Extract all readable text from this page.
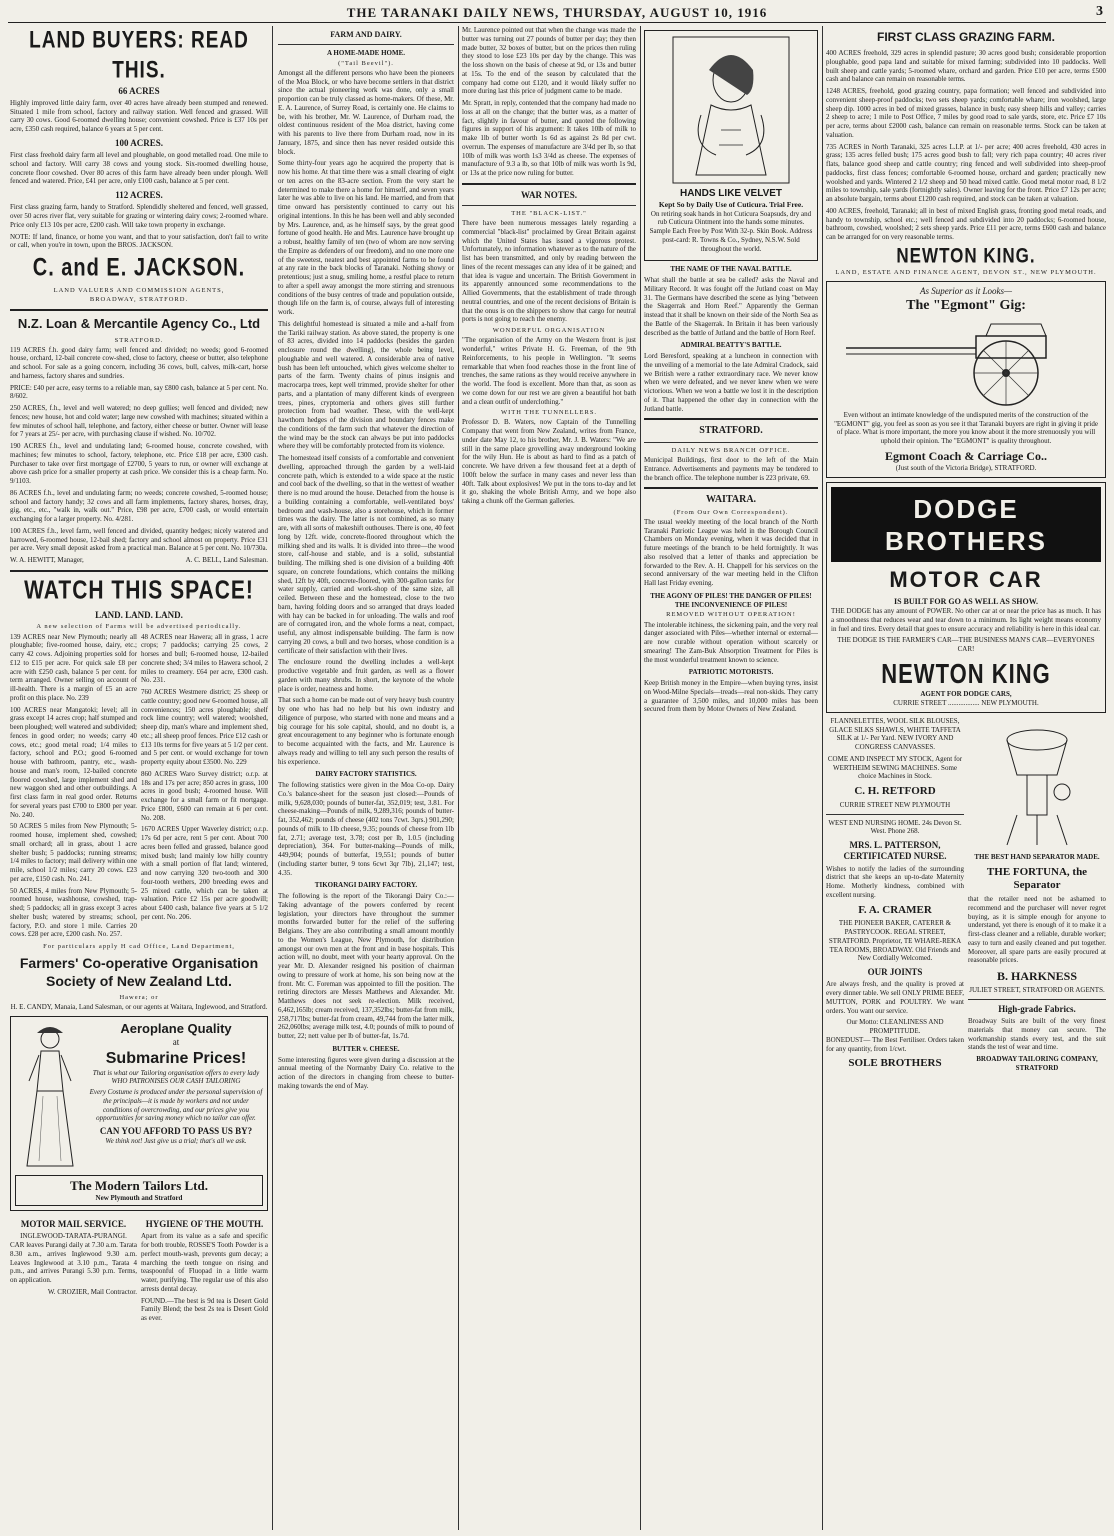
THE TARANAKI DAILY NEWS, THURSDAY, AUGUST 10, 1916	3
LAND BUYERS: READ THIS.
66 ACRES

Highly improved little dairy farm, over 40 acres have already been stumped and renewed. Situated 1 mile from school, factory and railway station. Well fenced and grassed. Will carry 30 cows. Good 6-roomed dwelling house; convenient cowshed. Price is £37 10s per acre, £350 cash required, balance 6 years at 5 per cent.

100 ACRES.

First class freehold dairy farm all level and ploughable, on good metalled road. One mile to school and factory. Will carry 38 cows and young stock. Six-roomed dwelling house, concrete floor cowshed. Over 80 acres of this farm have already been under plough. Well fenced and watered. Price, £41 per acre, only £100 cash, balance at 5 per cent.

112 ACRES.

First class grazing farm, handy to Stratford. Splendidly sheltered and fenced, well grassed, over 50 acres river flat, very suitable for grazing or wintering dairy cows; 2-roomed whare. Price only £13 10s per acre, £200 cash. Will take town property in exchange.

NOTE: If land, finance, or home you want, and that to your satisfaction, don't fail to write or call, when you're in town, upon the BROS. JACKSON.

C. and E. JACKSON.
LAND VALUERS AND COMMISSION AGENTS,
BROADWAY, STRATFORD.
N.Z. Loan & Mercantile Agency Co., Ltd
STRATFORD.

119 ACRES f.h. good dairy farm; well fenced and divided; no weeds; good 6-roomed house, orchard, 12-bail concrete cow-shed, close to factory, cheese or butter, also telephone and school. For sale as a going concern, including 36 cows, bull, calves, milk-cart, horse and harness, factory shares and sundries.

PRICE: £40 per acre, easy terms to a reliable man, say £800 cash, balance at 5 per cent. No. 8/602.

250 ACRES, f.h., level and well watered; no deep gullies; well fenced and divided; new fences; new house, hot and cold water; large new cowshed with machines; situated within a few minutes of school hall, telephone, and factory, either cheese or butter. Owner will lease for 7 years at 25/- per acre, with purchasing clause if wished. No. 10/702.

190 ACRES f.h., level and undulating land; 6-roomed house, concrete cowshed, with machines; few minutes to school, factory, telephone, etc. Price £18 per acre, £300 cash. Purchaser to take over first mortgage of £2700, 5 years to run, or owner will exchange at above cash price for a smaller property at cash price. We consider this is a cheap farm. No. 9/1103.

86 ACRES f.h., level and undulating farm; no weeds; concrete cowshed, 5-roomed house; school and factory handy; 32 cows and all farm implements, factory shares, horses, dray, gig, etc., etc., "walk in, walk out." Price, £98 per acre, £700 cash, or would entertain exchanging for a larger property. No. 4/281.

100 ACRES f.h., level farm, well fenced and divided, quantity hedges; nicely watered and harrowed, 6-roomed house, 12-bail shed; factory and school almost on property. Price £31 per acre. Very small deposit asked from a practical man. Balance at 5 per cent. No. 10/730a.

W. A. HEWITT, Manager,	A. C. BELL, Land Salesman.
WATCH THIS SPACE!
LAND. LAND. LAND.
A new selection of Farms will be advertised periodically.

139 ACRES near New Plymouth; nearly all ploughable; five-roomed house, dairy, etc.; carry 42 cows. Adjoining properties sold for £12 to £15 per acre. For quick sale £8 per acre with £250 cash, balance 5 per cent. for term arranged. Owner selling on account of ill-health. There is a margin of £5 an acre profit on this place. No. 239

100 ACRES near Mangatoki; level; all in grass except 14 acres crop; half stumped and been ploughed; well watered and subdivided; fences in good order; no weeds; carry 40 cows, etc.; good metal road; 1/4 miles to factory, school and P.O.; good 6-roomed house with bathroom, pantry, etc., wash-house and man's room, 12-bailed concrete floored cowshed, large implement shed and new waggon shed and other outbuildings. A first class farm in real good order. Returns for several years past £700 to £800 per year. No. 240.

50 ACRES 5 miles from New Plymouth; 5-roomed house, implement shed, cowshed; small orchard; all in grass, about 1 acre shelter bush; 5 paddocks; running streams; 1/4 miles to factory; mail delivery within one mile, school 1/2 miles; carry 20 cows. £23 per acre, £150 cash. No. 241.

50 ACRES, 4 miles from New Plymouth; 5-roomed house, washhouse, cowshed, trap-shed; 5 paddocks; all in grass except 3 acres shelter bush; watered by streams; school, factory, P.O. and store 1 mile. Carries 20 cows. £28 per acre, £200 cash. No. 257.

48 ACRES near Hawera; all in grass, 1 acre crops; 7 paddocks; carrying 25 cows, 2 horses and bull; 6-roomed house, 12-bailed concrete shed; 3/4 miles to Hawera school, 2 miles to creamery. £64 per acre, £300 cash. No. 231.

760 ACRES Westmere district; 25 sheep or cattle country; good new 6-roomed house, all conveniences; 150 acres ploughable; shelf rock lime country; well watered; woolshed, sheep dip, man's whare and implement shed, etc.; all sheep proof fences. Price £12 cash or £13 10s terms for five years at 5 1/2 per cent. and 5 per cent. or would exchange for town property equity about £3500. No. 229

860 ACRES Waro Survey district; o.r.p. at 18s and 17s per acre; 850 acres in grass, 100 acres in good bush; 4-roomed house. Will exchange for a small farm or fit mortgage. Price £800, £600 can remain at 6 per cent. No. 208.

1670 ACRES Upper Waverley district; o.r.p. 17s 6d per acre, rent 5 per cent. About 700 acres been felled and grassed, balance good mixed bush; land mainly low hilly country with a small portion of flat land; wintered, and now carrying 320 two-tooth and 300 four-tooth wethers, 200 breeding ewes and 25 mixed cattle, which can be taken at valuation. Price £2 15s per acre goodwill; about £400 cash, balance five years at 5 1/2 per cent. No. 206.

For particulars apply H cad Office, Land Department,
Farmers' Co-operative Organisation Society of New Zealand Ltd.
Hawera; or

H. E. CANDY, Manaia, Land Salesman, or our agents at Waitara, Inglewood, and Stratford.

Aeroplane Quality
at
Submarine Prices!
That is what our Tailoring organisation offers to every lady WHO PATRONISES OUR CASH TAILORING
Every Costume is produced under the personal supervision of the principals—it is made by workers and not under conditions of overcrowding, and our prices give you opportunities for saving money which no tailor can offer.
CAN YOU AFFORD TO PASS US BY?
We think not! Just give us a trial; that's all we ask.
The Modern Tailors Ltd.
New Plymouth and Stratford
MOTOR MAIL SERVICE.
INGLEWOOD-TARATA-PURANGI.

CAR leaves Purangi daily at 7.30 a.m. Tarata 8.30 a.m., arrives Inglewood 9.30 a.m. Leaves Inglewood at 3.10 p.m., Tarata 4 p.m., and arrives Purangi 5.30 p.m. Terms, on application.

W. CROZIER, Mail Contractor.
HYGIENE OF THE MOUTH.

Apart from its value as a safe and specific for both trouble, ROSSE'S Tooth Powder is a perfect mouth-wash, prevents gum decay; a marching the teeth tongue on rising and teaspoonful of Fluopad in a little warm water, purifying. The regular use of this also arrests dental decay.

FOUND.—The best is 9d tea is Desert Gold Family Blend; the best 2s tea is Desert Gold as ever.

FARM AND DAIRY.
A HOME-MADE HOME.
("Tail Beevil").

Amongst all the different persons who have been the pioneers of the Moa Block, or who have become settlers in that district since the actual pioneering work was done, only a small proportion can be truly classed as home-makers. Of these, Mr. E. A. Laurence, of Surrey Road, is certainly one. He claims to be, with his brother, Mr. W. Laurence, of Durham road, the oldest continuous resident of the Moa district, having come with his parents to live there from Durham road, now in its January, 1875, and since then has never resided outside this block.

Some thirty-four years ago he acquired the property that is now his home. At that time there was a small clearing of eight or ten acres on the 83-acre section. From the very start he determined to make there a home for himself, and seven years later he was able to live on his land. He married, and from that time onward has persistently continued to carry out his original intentions. In this he has been well and ably seconded by Mrs. Laurence, and, as he himself says, by the great good fortune of good health. He and Mrs. Laurence have brought up a robust, healthy family of ten (two of whom are now serving the Empire as defenders of our freedom), and no one more one of the sweetest, neatest and best appointed farms to be found at any rate in the back blocks of Taranaki. Nothing showy or pretentious; just a snug, smiling home, a restful place to return to after a spell away amongst the more stirring and strenuous conditions of the busy centres of trade and population outside, though life on the farm is, of course, always full of interesting work.

This delightful homestead is situated a mile and a-half from the Tariki railway station. As above stated, the property is one of 83 acres, divided into 14 paddocks (besides the garden enclosure round the dwelling), the whole being level, ploughable and well watered. A considerable area of native bush has been left untouched, which gives welcome shelter to parts of the farm. Twenty chains of pinus insignis and macrocarpa trees, kept well trimmed, provide shelter for other parts, and a plantation of many different kinds of evergreen trees, pines, cryptomeria and others gives still further protection from bad weather. These, with the well-kept hawthorn hedges of the division and boundary fences make the conditions of the farm such that whatever the direction of the wind may be the stock can always be put into paddocks where they will be comfortably protected from its violence.

The homestead itself consists of a comfortable and convenient dwelling, approached through the garden by a well-laid concrete path, which is extended to a wide space at the rustic and cool back of the dwelling, so that in the wettest of weather there is no mud around the house. Detached from the house is a building containing a comfortable, well-ventilated boys' bedroom and wash-house, also a storehouse, which in former times was the dairy. The latter is not combined, as so many are, with all sorts of makeshift outhouses. There is one, 40 feet long by 12ft. wide, concrete-floored throughout which the milking shed and its walls. It is divided into three—the wood store, calf-house and stable, and is a solid, substantial building. The milking shed is one division of a building 40ft square, on concrete foundations, which contains the milking shed, 12ft by 40ft, concrete-floored, with 300-gallon tanks for water supply, carried and work-shop of the same size, all ceiled. Between these and the homestead, close to the two barn, having folding doors and so arranged that drays loaded with hay can be backed in for unloading. The walls and roof are of corrugated iron, and the whole forms a neat, compact, useful, any almost indispensable building. The farm is now carrying 20 cows, a bull and two horses, whose condition is a certificate of their satisfaction with their lives.

The enclosure round the dwelling includes a well-kept productive vegetable and fruit garden, as well as a flower garden with many shrubs. In short, the keynote of the whole place is order, neatness and home.

That such a home can be made out of very heavy bush country by one who has had no help but his own industry and diligence of purpose, who started with none and means and a big courage for his sole capital, should, and no doubt is, a great encouragement to any beginner who is fortunate enough to become acquainted with the facts, and Mr. Laurence is always ready and willing to tell any such person the results of his experience.

DAIRY FACTORY STATISTICS.

The following statistics were given in the Moa Co-op. Dairy Co.'s balance-sheet for the season just closed:—Pounds of milk, 9,628,030; pounds of butter-fat, 352,019; test, 3.81. For cheese-making—Pounds of milk, 9,289,316; pounds of butter-fat, 352,462; pounds of cheese (402 tons 7cwt. 3qrs.) 901,290; pounds of milk to 1lb cheese, 9.35; pounds of cheese from 1lb fat, 2.71; average test, 3.78; cost per lb, 1.0.5 (including depreciation), 364. For butter-making—Pounds of milk, 449,904; pounds of butterfat, 19,551; pounds of butter (including starter butter, 9 tons 6cwt 3qr 7lb), 21,147; test, 4.35.

TIKORANGI DAIRY FACTORY.

The following is the report of the Tikorangi Dairy Co.:—Taking advantage of the powers conferred by recent legislation, your directors have throughout the summer months forwarded butter for the relief of the suffering Belgians. They are also contributing a small amount monthly to the Women's League, New Plymouth, for distribution amongst our own men at the front and in base hospitals. This action will, no doubt, meet with your hearty approval. On the year Mr. D. Alexander resigned his position of chairman owing to pressure of work at home, his son being now at the front. Mr. C. Foreman was appointed to fill the position. The retiring directors are Messrs Matthews and Alexander. Mr. Matthews does not seek re-election. Milk received, 6,462,165lb; cream received, 137,352lbs; butter-fat from milk, 258,717lbs; butter-fat from cream, 49,744 from the latter milk, 262,060lbs; average milk test, 4.0; pounds of milk to pound of butter, 22; nett value per lb of butter-fat, 1s.7d.

BUTTER v. CHEESE.

Some interesting figures were given during a discussion at the annual meeting of the Normanby Dairy Co. relative to the action of the directors in changing from cheese to butter-making towards the end of May.

Mr. Laurence pointed out that when the change was made the butter was turning out 27 pounds of butter per day; they then made butter, 32 boxes of butter, but on the prices then ruling they stood to lose £23 10s per day by the change. This was the loss shown on the basis of cheese at 9d, or 13s and butter at 15s. To the end of the season by calculated that the company had come out £120, and it would likely suffer no more during last this price of judgment came to be made.

Mr. Spratt, in reply, contended that the company had made no loss at all on the change; that the butter was, as a matter of fact, slightly in favour of butter, and quoted the following figures in support of his argument: It takes 10lb of milk to make 1lb of butter worth 1s 6d as against 2s 8d per cwt. overrun. The expenses of manufacture are 3/4d per lb, so that 10lb of milk was worth 1s3 3/4d as cheese. The expenses of manufacture of 9.3 a lb, so that 10lb of milk was worth 1s 9d, or 13s at the price now ruling for butter.

WAR NOTES.
THE "BLACK-LIST."

There have been numerous messages lately regarding a commercial "black-list" proclaimed by Great Britain against which the United States has issued a vigorous protest. Unfortunately, no information whatever as to the nature of the list has been transmitted, and only by reading between the lines of the recent messages can any idea of it be gained; and that idea is vague and uncertain. The British Government in its apparently announced some recommendations to the Allied Governments, that the establishment of trade through neutral countries, and one of the recent decisions of Britain is that the onus is on the shippers to show that cargo for neutral ports is not going to reach the enemy.

WONDERFUL ORGANISATION

"The organisation of the Army on the Western front is just wonderful," writes Private H. G. Freeman, of the 9th Reinforcements, to his people in Wellington. "It seems remarkable that when food reaches those in the front line of trenches, the same rations as they would receive anywhere in the world. The food is excellent. More than that, as soon as we come down for our rest we are given a beautiful hot bath and a clean outfit of underclothing."

WITH THE TUNNELLERS.

Professor D. B. Waters, now Captain of the Tunnelling Company that went from New Zealand, writes from France, under date May 12, to his brother, Mr. J. B. Waters: "We are still in the same place grovelling away underground looking for the wily Hun. He is about as hard to find as a patch of concrete. We have driven a few thousand feet at a depth of 100ft below the surface in many cases and never less than 40ft. Talk about explosives! We put in the tons to-day and let it go, shaking the whole British Army, and we hope also taking a chunk off the German galleries.

HANDS LIKE VELVET
Kept So by Daily Use of Cuticura. Trial Free.

On retiring soak hands in hot Cuticura Soapsuds, dry and rub Cuticura Ointment into the hands some minutes. Sample Each Free by Post With 32-p. Skin Book. Address post-card: R. Towns & Co., Sydney, N.S.W. Sold throughout the world.

THE NAME OF THE NAVAL BATTLE.

What shall the battle at sea be called? asks the Naval and Military Record. It was fought off the Jutland coast on May 31. The Germans have described the scene as lying "between the Skagerrak and Horn Reef." Apparently the German instead that it shall be known on their side of the North Sea as the Battle of the Skagerrak. In Britain it has been variously described as the battle of Jutland and the battle of Horn Reef.

ADMIRAL BEATTY'S BATTLE.

Lord Beresford, speaking at a luncheon in connection with the unveiling of a memorial to the late Admiral Cradock, said we British were a rather extraordinary race. We never know when we were defeated, and we never knew when we were victorious. When we won a battle we lost it in the description of it. That happened the other day in connection with the Jutland battle.

STRATFORD.
DAILY NEWS BRANCH OFFICE.

Municipal Buildings, first door to the left of the Main Entrance. Advertisements and payments may be tendered to the branch office. The telephone number is 223 private, 69.

WAITARA.
(From Our Own Correspondent).

The usual weekly meeting of the local branch of the North Taranaki Patriotic League was held in the Borough Council Chambers on Monday evening, when it was decided that in future meetings of the branch to be held fortnightly. It was also resolved that a letter of thanks and appreciation be forwarded to the Rev. A. H. Chappell for his services on the second anniversary of the war meeting held in the Clifton Hall last Friday evening.

THE AGONY OF PILES! THE DANGER OF PILES! THE INCONVENIENCE OF PILES!
REMOVED WITHOUT OPERATION!

The intolerable itchiness, the sickening pain, and the very real danger associated with Piles—whether internal or external—are now curable without operation without scarcely or smearing! The Zam-Buk Absorption Treatment for Piles is the most wonderful treatment known to science.

PATRIOTIC MOTORISTS.

Keep British money in the Empire—when buying tyres, insist on Wood-Milne Specials—treads—real non-skids. They carry a guarantee of 3,500 miles, and 10,000 miles has been secured from them by Motor Owners of New Zealand.

FIRST CLASS GRAZING FARM.

400 ACRES freehold, 329 acres in splendid pasture; 30 acres good bush; considerable proportion ploughable, good papa land and suitable for mixed farming; subdivided into 10 paddocks. Well built sheep and cattle yards; 5-roomed whare, orchard and garden. Price £10 per acre, terms £500 cash and balance can remain on reasonable terms.

1248 ACRES, freehold, good grazing country, papa formation; well fenced and subdivided into convenient sheep-proof paddocks; two sets sheep yards; comfortable whare; iron woolshed, large sheep dip. 1000 acres in bed of mixed grasses, balance in bush; easy sheep hills and valley; carries 2 sheep to acre; 1 mile to Post Office, 7 miles by good road to sale yards, store, etc. Price £7 10s per acre, terms about £2000 cash, balance can remain on reasonable terms. Stock can be taken at valuation.

735 ACRES in North Taranaki, 325 acres L.I.P. at 1/- per acre; 400 acres freehold, 430 acres in grass; 135 acres felled bush; 175 acres good bush to fall; very rich papa country; 40 acres river flats, balance good sheep and cattle country; ring fenced and well subdivided into sheep-proof paddocks, first class fences; comfortable 6-roomed house, orchard and garden; practically new woolshed and yards. Wintered 2 1/2 sheep and 50 head mixed cattle. Good metal motor road, 8 1/2 miles to township, sale yards (fortnightly sales). Owner leaving for the front. Price £7 12s per acre; an absolute bargain, terms about £1200 cash required, and stock can be taken at valuation.

400 ACRES, freehold, Taranaki; all in best of mixed English grass, fronting good metal roads, and handy to township, school etc.; well fenced and subdivided into 20 paddocks; 6-roomed house, bathroom, cowshed, woolshed; 2 sets sheep yards. Price £11 per acre, terms £600 cash and balance can be arranged for on very reasonable terms.

NEWTON KING.
LAND, ESTATE AND FINANCE AGENT, DEVON ST., NEW PLYMOUTH.
As Superior as it Looks—
The "Egmont" Gig:

Even without an intimate knowledge of the undisputed merits of the construction of the "EGMONT" gig, you feel as soon as you see it that Taranaki buyers are right in giving it pride of place. What is more important, the more you know about it the more strenuously you will uphold their opinion. The "EGMONT" is quality throughout.

Egmont Coach & Carriage Co..
(Just south of the Victoria Bridge), STRATFORD.
DODGE BROTHERS
MOTOR CAR
IS BUILT FOR GO AS WELL AS SHOW.

THE DODGE has any amount of POWER. No other car at or near the price has as much. It has a smoothness that reduces wear and tear down to a minimum. Its light weight means economy in fuel and tires. Every detail that goes to ensure accuracy and reliability is here in this ideal car.

THE DODGE IS THE FARMER'S CAR—THE BUSINESS MAN'S CAR—EVERYONES CAR!
NEWTON KING
AGENT FOR DODGE CARS,
CURRIE STREET .................. NEW PLYMOUTH.

FLANNELETTES, WOOL SILK BLOUSES, GLACE SILKS SHAWLS, WHITE TAFFETA SILK at 1/- Per Yard. NEW IVORY AND CONGRESS CANVASSES.

COME AND INSPECT MY STOCK, Agent for WERTHEIM SEWING MACHINES. Some choice Machines in Stock.

C. H. RETFORD
CURRIE STREET NEW PLYMOUTH
WEST END NURSING HOME. 24s Devon St. West. Phone 268.
MRS. L. PATTERSON, CERTIFICATED NURSE.

Wishes to notify the ladies of the surrounding district that she keeps an up-to-date Maternity Home. Motherly kindness, combined with excellent nursing.

F. A. CRAMER

THE PIONEER BAKER, CATERER & PASTRYCOOK. REGAL STREET, STRATFORD. Proprietor, TE WHARE-REKA TEA ROOMS, BROADWAY. Old Friends and New Cordially Welcomed.

OUR JOINTS

Are always fresh, and the quality is proved at every dinner table. We sell ONLY PRIME BEEF, MUTTON, PORK and POULTRY. We want orders. You want our service.

Our Motto: CLEANLINESS AND PROMPTITUDE.

BONEDUST— The Best Fertiliser. Orders taken for any quantity, from 1/cwt.

SOLE BROTHERS
THE BEST HAND SEPARATOR MADE.
THE FORTUNA, the Separator

that the retailer need not be ashamed to recommend and the purchaser will never regret buying, as it is simple enough for anyone to understand, yet there is enough of it to make it a first-class cleaner and a reliable, durable worker; easy to turn and easily cleaned and put together. Moreover, all spare parts are easily procured at reasonable prices.

B. HARKNESS
JULIET STREET, STRATFORD OR AGENTS.
High-grade Fabrics.

Broadway Suits are built of the very finest materials that money can secure. The workmanship stands every test, and the suit stands the test of wear and time.

BROADWAY TAILORING COMPANY, STRATFORD
